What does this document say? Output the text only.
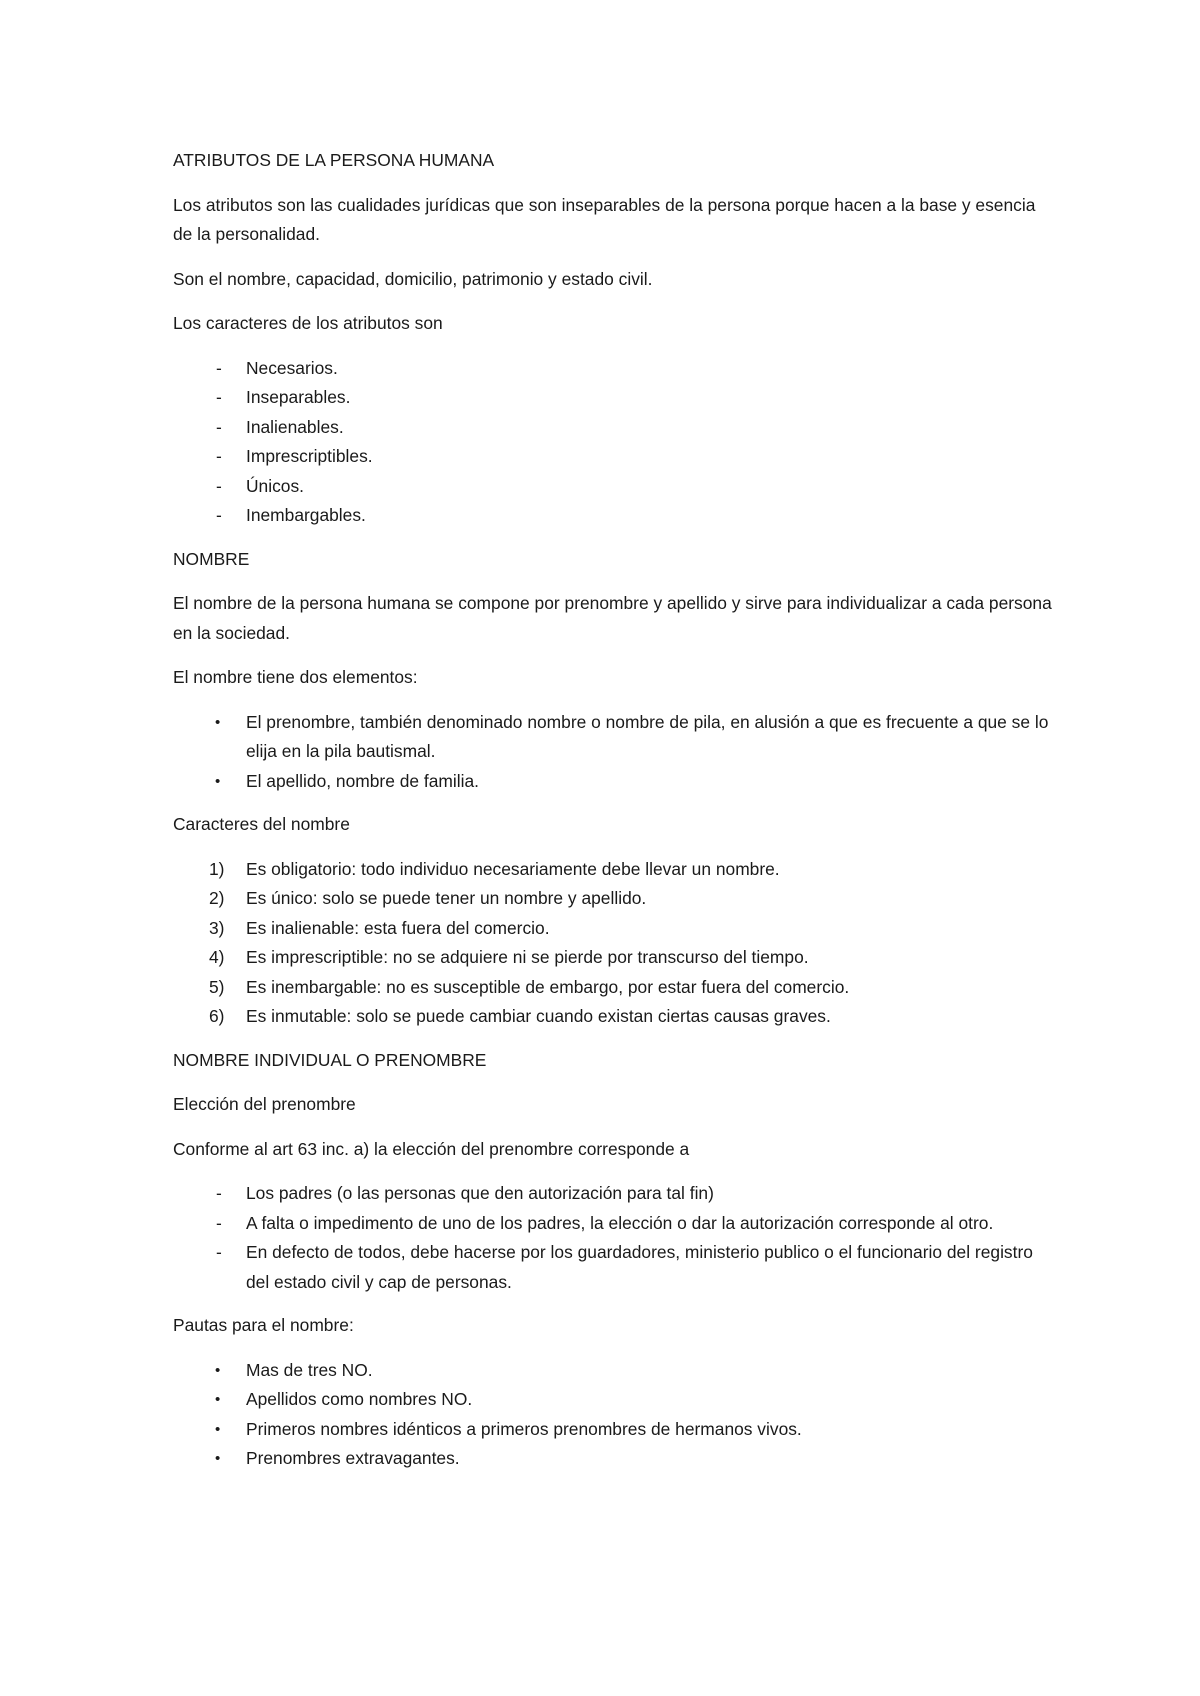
ATRIBUTOS DE LA PERSONA HUMANA

Los atributos son las cualidades jurídicas que son inseparables de la persona porque hacen a la base y esencia de la personalidad.

Son el nombre, capacidad, domicilio, patrimonio y estado civil.

Los caracteres de los atributos son

-	Necesarios.
-	Inseparables.
-	Inalienables.
-	Imprescriptibles.
-	Únicos.
-	Inembargables.

NOMBRE

El nombre de la persona humana se compone por prenombre y apellido y sirve para individualizar a cada persona en la sociedad.

El nombre tiene dos elementos:

•	El prenombre, también denominado nombre o nombre de pila, en alusión a que es frecuente a que se lo elija en la pila bautismal.
•	El apellido, nombre de familia.

Caracteres del nombre

1)	Es obligatorio: todo individuo necesariamente debe llevar un nombre.
2)	Es único: solo se puede tener un nombre y apellido.
3)	Es inalienable: esta fuera del comercio.
4)	Es imprescriptible: no se adquiere ni se pierde por transcurso del tiempo.
5)	Es inembargable: no es susceptible de embargo, por estar fuera del comercio.
6)	Es inmutable: solo se puede cambiar cuando existan ciertas causas graves.

NOMBRE INDIVIDUAL O PRENOMBRE

Elección del prenombre

Conforme al art 63 inc. a) la elección del prenombre corresponde a

-	Los padres (o las personas que den autorización para tal fin)
-	A falta o impedimento de uno de los padres, la elección o dar la autorización corresponde al otro.
-	En defecto de todos, debe hacerse por los guardadores, ministerio publico o el funcionario del registro del estado civil y cap de personas.

Pautas para el nombre:

•	Mas de tres NO.
•	Apellidos como nombres NO.
•	Primeros nombres idénticos a primeros prenombres de hermanos vivos.
•	Prenombres extravagantes.
